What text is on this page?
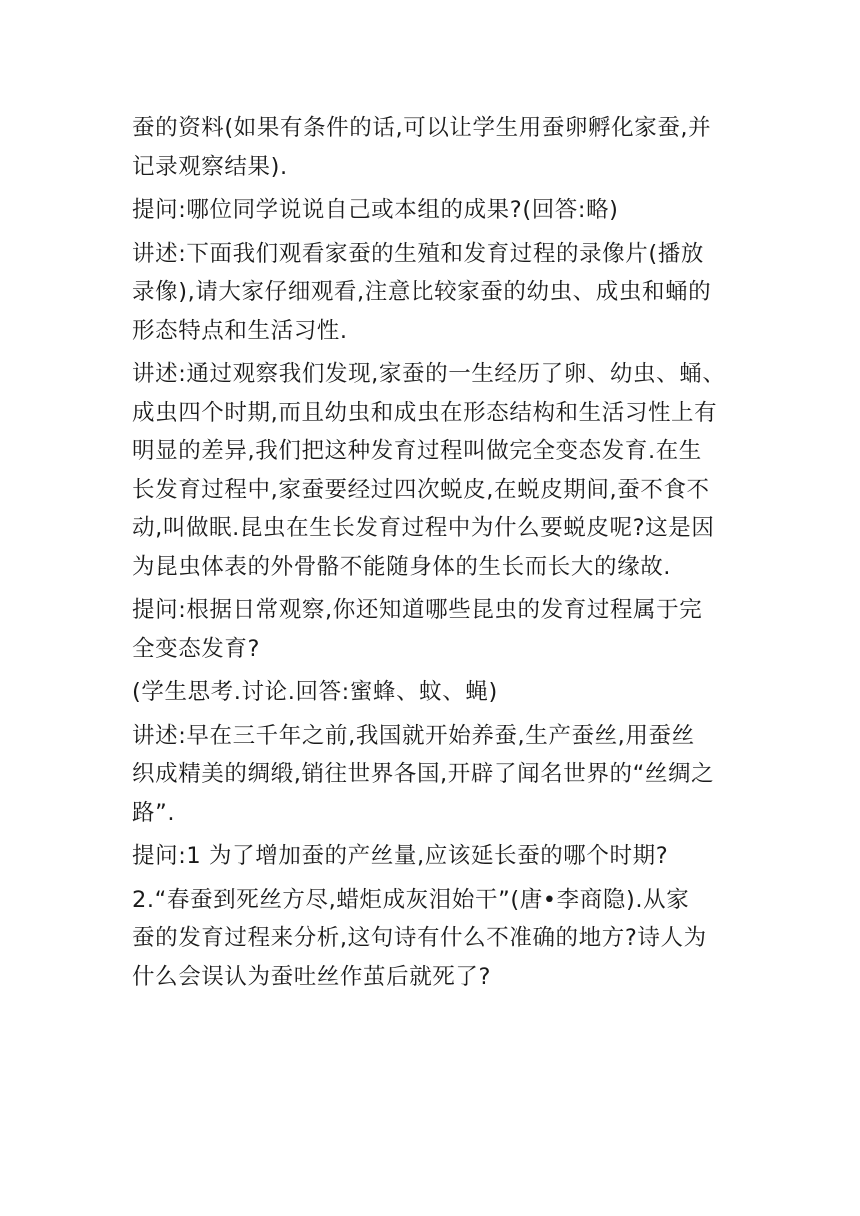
蚕的资料(如果有条件的话,可以让学生用蚕卵孵化家蚕,并
记录观察结果).

提问:哪位同学说说自己或本组的成果?(回答:略)

讲述:下面我们观看家蚕的生殖和发育过程的录像片(播放
录像),请大家仔细观看,注意比较家蚕的幼虫、成虫和蛹的
形态特点和生活习性.

讲述:通过观察我们发现,家蚕的一生经历了卵、幼虫、蛹、
成虫四个时期,而且幼虫和成虫在形态结构和生活习性上有
明显的差异,我们把这种发育过程叫做完全变态发育.在生
长发育过程中,家蚕要经过四次蜕皮,在蜕皮期间,蚕不食不
动,叫做眠.昆虫在生长发育过程中为什么要蜕皮呢?这是因
为昆虫体表的外骨骼不能随身体的生长而长大的缘故.

提问:根据日常观察,你还知道哪些昆虫的发育过程属于完
全变态发育?

(学生思考.讨论.回答:蜜蜂、蚊、蝇)

讲述:早在三千年之前,我国就开始养蚕,生产蚕丝,用蚕丝
织成精美的绸缎,销往世界各国,开辟了闻名世界的“丝绸之
路”.

提问:1 为了增加蚕的产丝量,应该延长蚕的哪个时期?

2.“春蚕到死丝方尽,蜡炬成灰泪始干”(唐•李商隐).从家
蚕的发育过程来分析,这句诗有什么不准确的地方?诗人为
什么会误认为蚕吐丝作茧后就死了?
